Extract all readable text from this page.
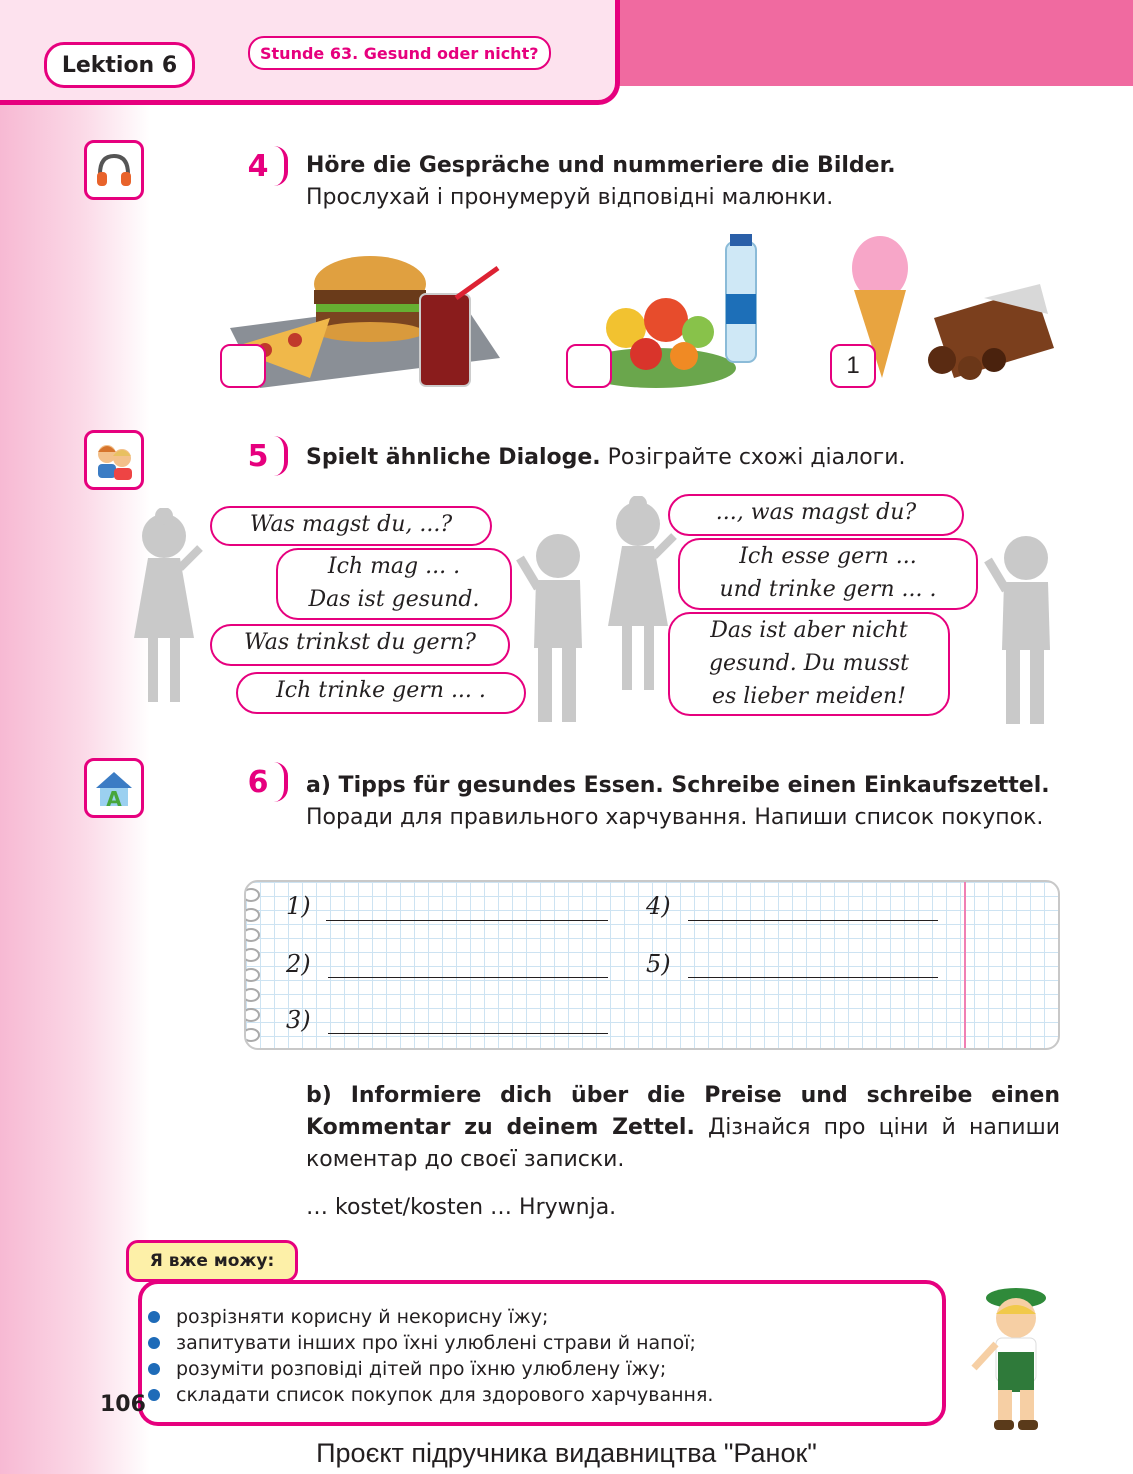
Lektion 6	Stunde 63. Gesund oder nicht?
4	Höre die Gespräche und nummeriere die Bilder.
Прослухай і пронумеруй відповідні малюнки.
1
5	Spielt ähnliche Dialoge. Розіграйте схожі діалоги.
Was magst du, ...?
Ich mag ... .
Das ist gesund.
Was trinkst du gern?
Ich trinke gern ... .
..., was magst du?
Ich esse gern ...
und trinke gern ... .
Das ist aber nicht
gesund. Du musst
es lieber meiden!
A	6	a) Tipps für gesundes Essen. Schreibe einen Einkaufszettel.
Поради для правильного харчування. Напиши список покупок.
1)
2)
3)
4)
5)
b) Informiere dich über die Preise und schreibe einen Kommentar zu deinem Zettel. Дізнайся про ціни й напиши коментар до своєї записки.
… kostet/kosten … Hrywnja.
розрізняти корисну й некорисну їжу;
запитувати інших про їхні улюблені страви й напої;
розуміти розповіді дітей про їхню улюблену їжу;
складати список покупок для здорового харчування.
Я вже можу:
106
Проєкт підручника видавництва "Ранок"
